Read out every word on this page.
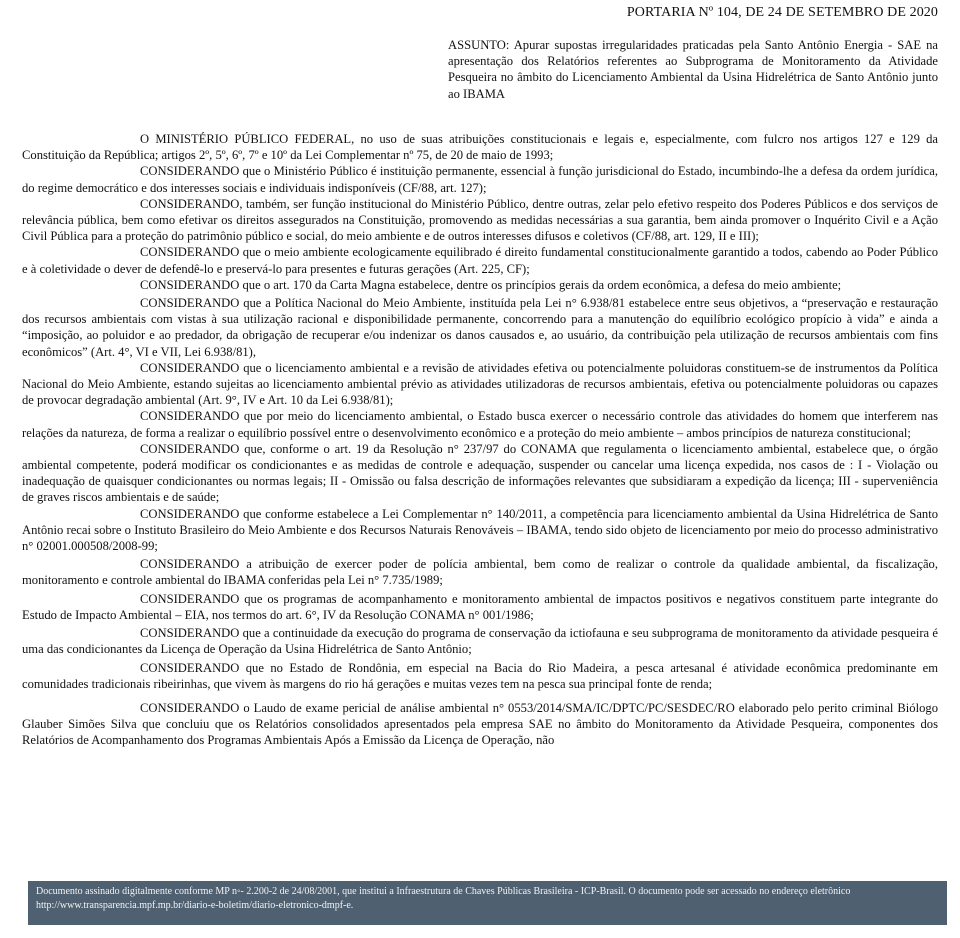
PORTARIA Nº 104, DE 24 DE SETEMBRO DE 2020
ASSUNTO: Apurar supostas irregularidades praticadas pela Santo Antônio Energia - SAE na apresentação dos Relatórios referentes ao Subprograma de Monitoramento da Atividade Pesqueira no âmbito do Licenciamento Ambiental da Usina Hidrelétrica de Santo Antônio junto ao IBAMA

O MINISTÉRIO PÚBLICO FEDERAL, no uso de suas atribuições constitucionais e legais e, especialmente, com fulcro nos artigos 127 e 129 da Constituição da República; artigos 2º, 5º, 6º, 7º e 10º da Lei Complementar nº 75, de 20 de maio de 1993;

CONSIDERANDO que o Ministério Público é instituição permanente, essencial à função jurisdicional do Estado, incumbindo-lhe a defesa da ordem jurídica, do regime democrático e dos interesses sociais e individuais indisponíveis (CF/88, art. 127);

CONSIDERANDO, também, ser função institucional do Ministério Público, dentre outras, zelar pelo efetivo respeito dos Poderes Públicos e dos serviços de relevância pública, bem como efetivar os direitos assegurados na Constituição, promovendo as medidas necessárias a sua garantia, bem ainda promover o Inquérito Civil e a Ação Civil Pública para a proteção do patrimônio público e social, do meio ambiente e de outros interesses difusos e coletivos (CF/88, art. 129, II e III);

CONSIDERANDO que o meio ambiente ecologicamente equilibrado é direito fundamental constitucionalmente garantido a todos, cabendo ao Poder Público e à coletividade o dever de defendê-lo e preservá-lo para presentes e futuras gerações (Art. 225, CF);

CONSIDERANDO que o art. 170 da Carta Magna estabelece, dentre os princípios gerais da ordem econômica, a defesa do meio ambiente;

CONSIDERANDO que a Política Nacional do Meio Ambiente, instituída pela Lei n° 6.938/81 estabelece entre seus objetivos, a “preservação e restauração dos recursos ambientais com vistas à sua utilização racional e disponibilidade permanente, concorrendo para a manutenção do equilíbrio ecológico propício à vida” e ainda a “imposição, ao poluidor e ao predador, da obrigação de recuperar e/ou indenizar os danos causados e, ao usuário, da contribuição pela utilização de recursos ambientais com fins econômicos” (Art. 4°, VI e VII, Lei 6.938/81),

CONSIDERANDO que o licenciamento ambiental e a revisão de atividades efetiva ou potencialmente poluidoras constituem-se de instrumentos da Política Nacional do Meio Ambiente, estando sujeitas ao licenciamento ambiental prévio as atividades utilizadoras de recursos ambientais, efetiva ou potencialmente poluidoras ou capazes de provocar degradação ambiental (Art. 9°, IV e Art. 10 da Lei 6.938/81);

CONSIDERANDO que por meio do licenciamento ambiental, o Estado busca exercer o necessário controle das atividades do homem que interferem nas relações da natureza, de forma a realizar o equilíbrio possível entre o desenvolvimento econômico e a proteção do meio ambiente – ambos princípios de natureza constitucional;

CONSIDERANDO que, conforme o art. 19 da Resolução n° 237/97 do CONAMA que regulamenta o licenciamento ambiental, estabelece que, o órgão ambiental competente, poderá modificar os condicionantes e as medidas de controle e adequação, suspender ou cancelar uma licença expedida, nos casos de : I - Violação ou inadequação de quaisquer condicionantes ou normas legais; II - Omissão ou falsa descrição de informações relevantes que subsidiaram a expedição da licença; III - superveniência de graves riscos ambientais e de saúde;

CONSIDERANDO que conforme estabelece a Lei Complementar n° 140/2011, a competência para licenciamento ambiental da Usina Hidrelétrica de Santo Antônio recai sobre o Instituto Brasileiro do Meio Ambiente e dos Recursos Naturais Renováveis – IBAMA, tendo sido objeto de licenciamento por meio do processo administrativo n° 02001.000508/2008-99;

CONSIDERANDO a atribuição de exercer poder de polícia ambiental, bem como de realizar o controle da qualidade ambiental, da fiscalização, monitoramento e controle ambiental do IBAMA conferidas pela Lei n° 7.735/1989;

CONSIDERANDO que os programas de acompanhamento e monitoramento ambiental de impactos positivos e negativos constituem parte integrante do Estudo de Impacto Ambiental – EIA, nos termos do art. 6°, IV da Resolução CONAMA n° 001/1986;

CONSIDERANDO que a continuidade da execução do programa de conservação da ictiofauna e seu subprograma de monitoramento da atividade pesqueira é uma das condicionantes da Licença de Operação da Usina Hidrelétrica de Santo Antônio;

CONSIDERANDO que no Estado de Rondônia, em especial na Bacia do Rio Madeira, a pesca artesanal é atividade econômica predominante em comunidades tradicionais ribeirinhas, que vivem às margens do rio há gerações e muitas vezes tem na pesca sua principal fonte de renda;

CONSIDERANDO o Laudo de exame pericial de análise ambiental n° 0553/2014/SMA/IC/DPTC/PC/SESDEC/RO elaborado pelo perito criminal Biólogo Glauber Simões Silva que concluiu que os Relatórios consolidados apresentados pela empresa SAE no âmbito do Monitoramento da Atividade Pesqueira, componentes dos Relatórios de Acompanhamento dos Programas Ambientais Após a Emissão da Licença de Operação, não

Documento assinado digitalmente conforme MP n◦- 2.200-2 de 24/08/2001, que institui a Infraestrutura de Chaves Públicas Brasileira - ICP-Brasil. O documento pode ser acessado no endereço eletrônico http://www.transparencia.mpf.mp.br/diario-e-boletim/diario-eletronico-dmpf-e.
